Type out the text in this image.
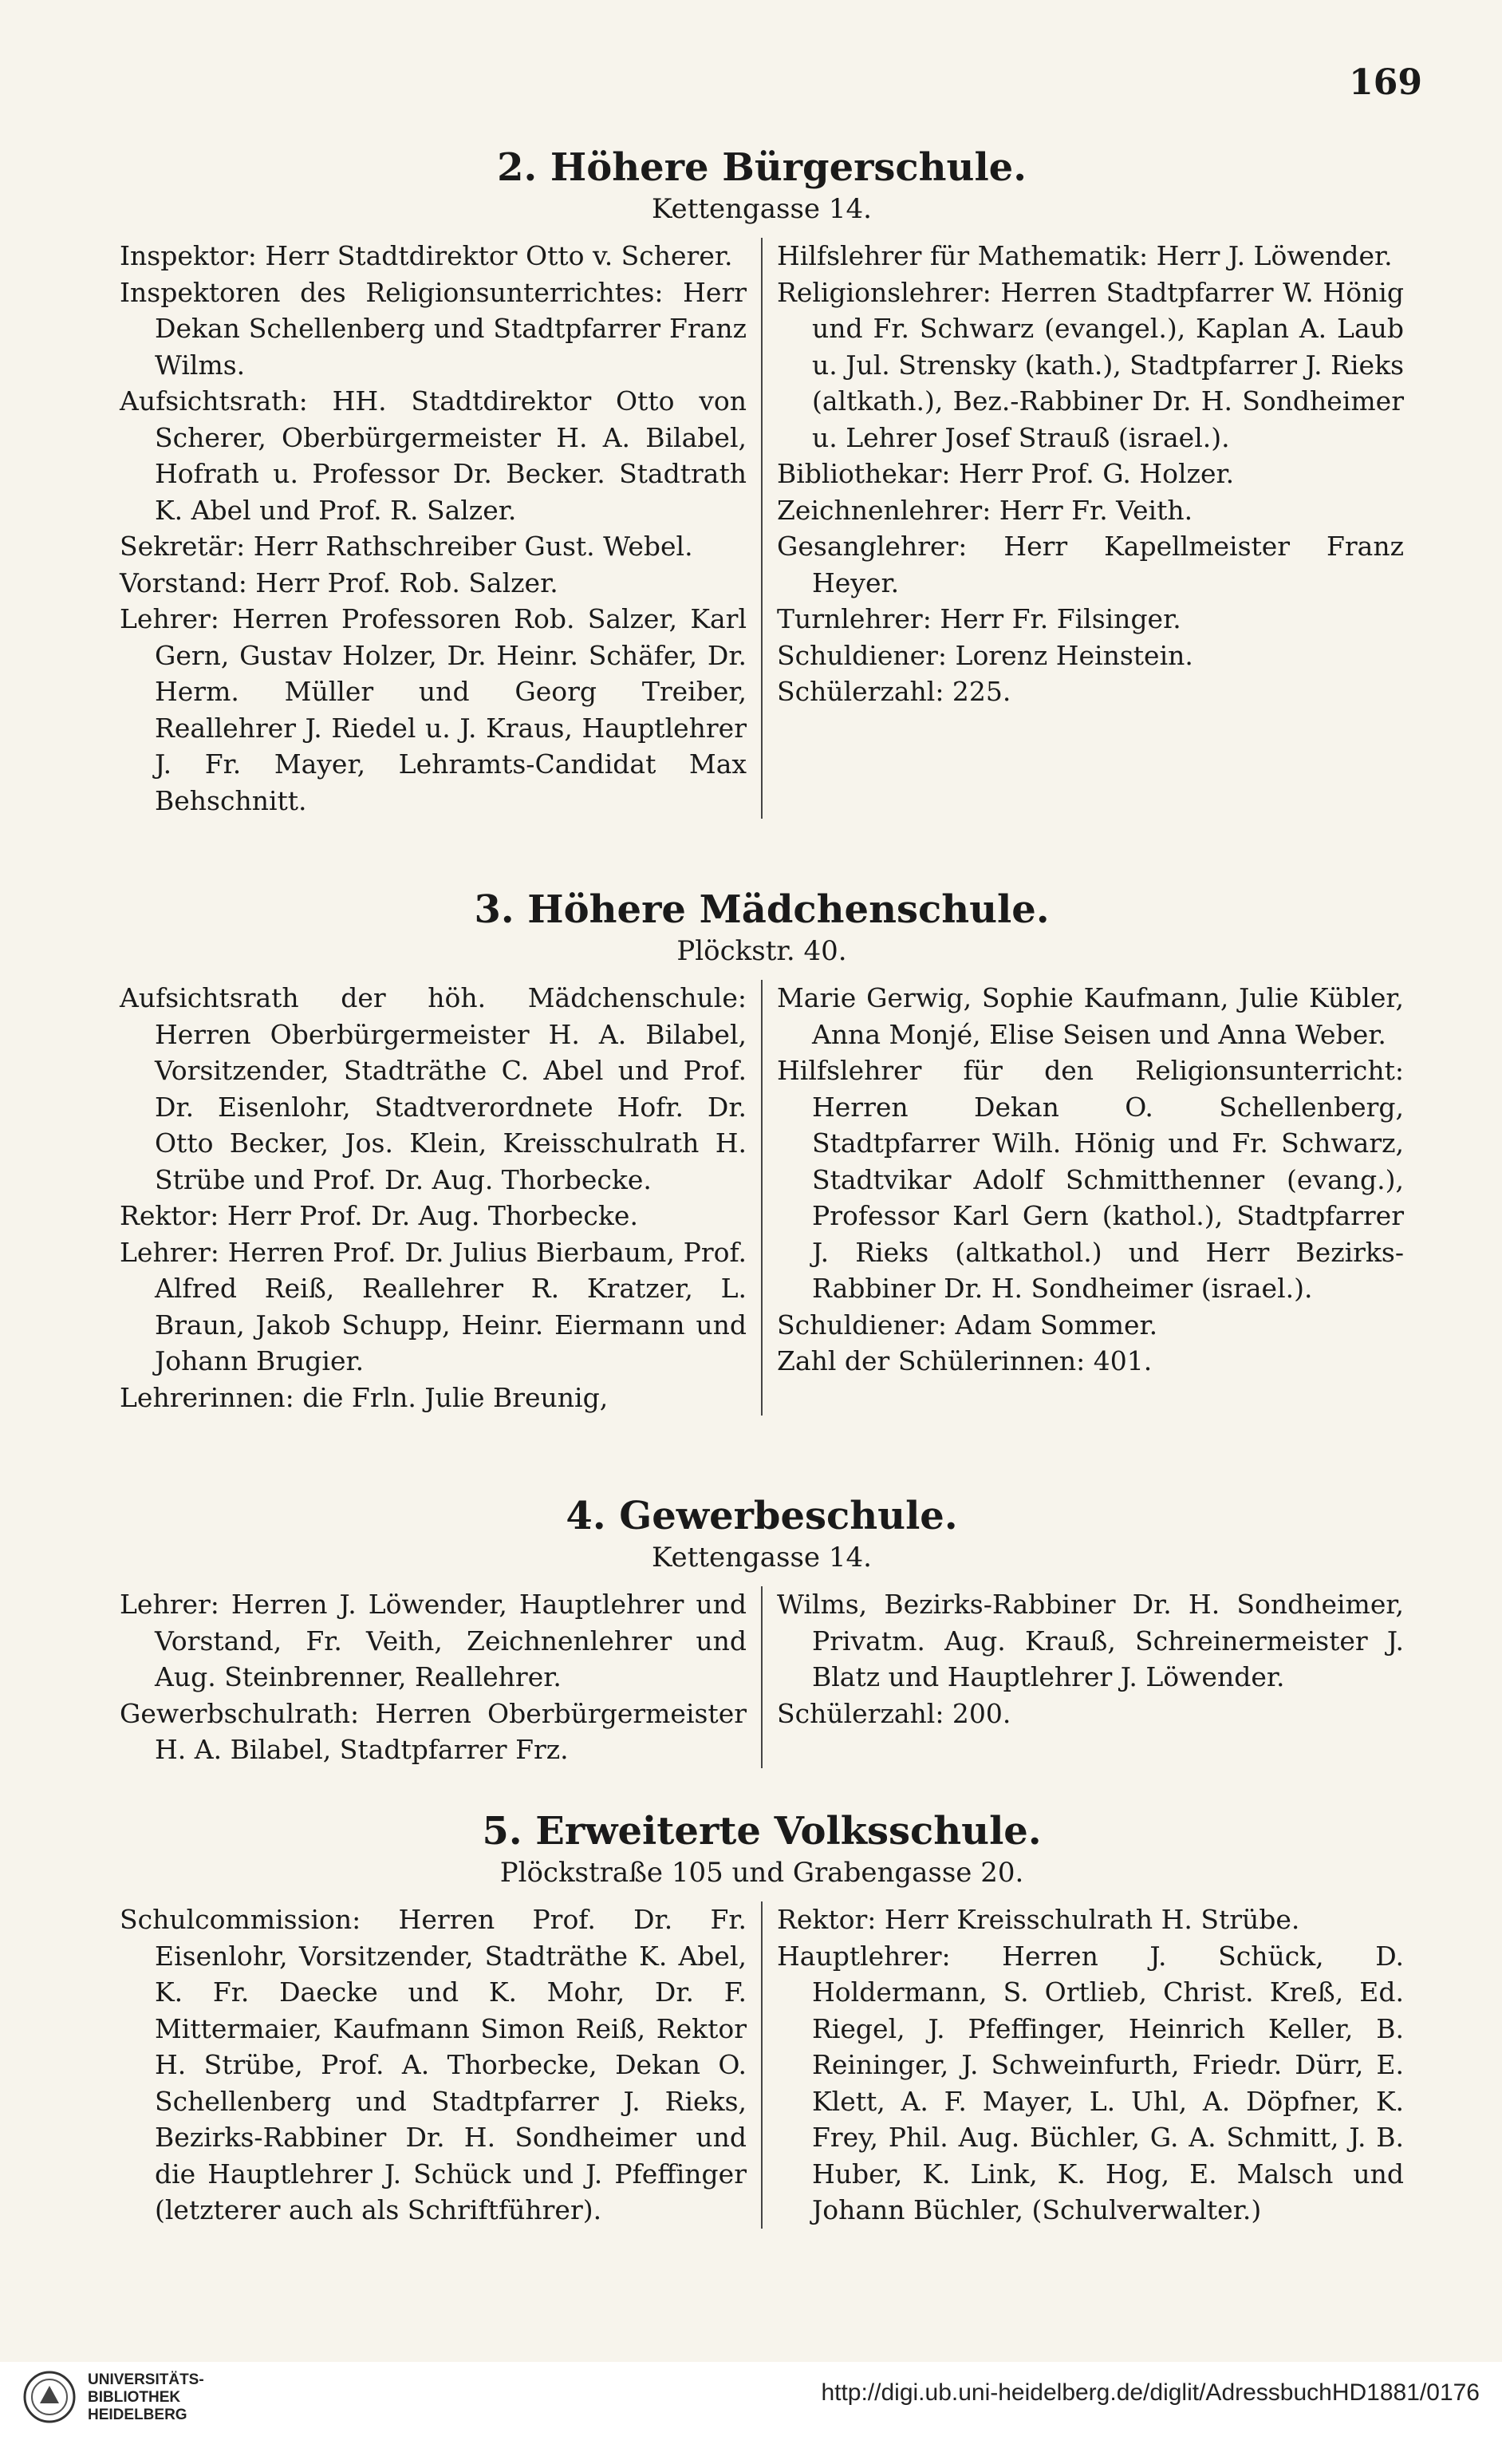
169
2. Höhere Bürgerschule.
Kettengasse 14.

Inspektor: Herr Stadtdirektor Otto v. Scherer.

Inspektoren des Religionsunterrichtes: Herr Dekan Schellenberg und Stadtpfarrer Franz Wilms.

Aufsichtsrath: HH. Stadtdirektor Otto von Scherer, Oberbürgermeister H. A. Bilabel, Hofrath u. Professor Dr. Becker. Stadtrath K. Abel und Prof. R. Salzer.

Sekretär: Herr Rathschreiber Gust. Webel.

Vorstand: Herr Prof. Rob. Salzer.

Lehrer: Herren Professoren Rob. Salzer, Karl Gern, Gustav Holzer, Dr. Heinr. Schäfer, Dr. Herm. Müller und Georg Treiber, Reallehrer J. Riedel u. J. Kraus, Hauptlehrer J. Fr. Mayer, Lehramts-Candidat Max Behschnitt.

Hilfslehrer für Mathematik: Herr J. Löwender.

Religionslehrer: Herren Stadtpfarrer W. Hönig und Fr. Schwarz (evangel.), Kaplan A. Laub u. Jul. Strensky (kath.), Stadtpfarrer J. Rieks (altkath.), Bez.-Rabbiner Dr. H. Sondheimer u. Lehrer Josef Strauß (israel.).

Bibliothekar: Herr Prof. G. Holzer.

Zeichnenlehrer: Herr Fr. Veith.

Gesanglehrer: Herr Kapellmeister Franz Heyer.

Turnlehrer: Herr Fr. Filsinger.

Schuldiener: Lorenz Heinstein.

Schülerzahl: 225.

3. Höhere Mädchenschule.
Plöckstr. 40.

Aufsichtsrath der höh. Mädchenschule: Herren Oberbürgermeister H. A. Bilabel, Vorsitzender, Stadträthe C. Abel und Prof. Dr. Eisenlohr, Stadtverordnete Hofr. Dr. Otto Becker, Jos. Klein, Kreisschulrath H. Strübe und Prof. Dr. Aug. Thorbecke.

Rektor: Herr Prof. Dr. Aug. Thorbecke.

Lehrer: Herren Prof. Dr. Julius Bierbaum, Prof. Alfred Reiß, Reallehrer R. Kratzer, L. Braun, Jakob Schupp, Heinr. Eiermann und Johann Brugier.

Lehrerinnen: die Frln. Julie Breunig,

Marie Gerwig, Sophie Kaufmann, Julie Kübler, Anna Monjé, Elise Seisen und Anna Weber.

Hilfslehrer für den Religionsunterricht: Herren Dekan O. Schellenberg, Stadtpfarrer Wilh. Hönig und Fr. Schwarz, Stadtvikar Adolf Schmitthenner (evang.), Professor Karl Gern (kathol.), Stadtpfarrer J. Rieks (altkathol.) und Herr Bezirks-Rabbiner Dr. H. Sondheimer (israel.).

Schuldiener: Adam Sommer.

Zahl der Schülerinnen: 401.

4. Gewerbeschule.
Kettengasse 14.

Lehrer: Herren J. Löwender, Hauptlehrer und Vorstand, Fr. Veith, Zeichnenlehrer und Aug. Steinbrenner, Reallehrer.

Gewerbschulrath: Herren Oberbürgermeister H. A. Bilabel, Stadtpfarrer Frz.

Wilms, Bezirks-Rabbiner Dr. H. Sondheimer, Privatm. Aug. Krauß, Schreinermeister J. Blatz und Hauptlehrer J. Löwender.

Schülerzahl: 200.

5. Erweiterte Volksschule.
Plöckstraße 105 und Grabengasse 20.

Schulcommission: Herren Prof. Dr. Fr. Eisenlohr, Vorsitzender, Stadträthe K. Abel, K. Fr. Daecke und K. Mohr, Dr. F. Mittermaier, Kaufmann Simon Reiß, Rektor H. Strübe, Prof. A. Thorbecke, Dekan O. Schellenberg und Stadtpfarrer J. Rieks, Bezirks-Rabbiner Dr. H. Sondheimer und die Hauptlehrer J. Schück und J. Pfeffinger (letzterer auch als Schriftführer).

Rektor: Herr Kreisschulrath H. Strübe.

Hauptlehrer: Herren J. Schück, D. Holdermann, S. Ortlieb, Christ. Kreß, Ed. Riegel, J. Pfeffinger, Heinrich Keller, B. Reininger, J. Schweinfurth, Friedr. Dürr, E. Klett, A. F. Mayer, L. Uhl, A. Döpfner, K. Frey, Phil. Aug. Büchler, G. A. Schmitt, J. B. Huber, K. Link, K. Hog, E. Malsch und Johann Büchler, (Schulverwalter.)

UNIVERSITÄTS-
BIBLIOTHEK
HEIDELBERG
http://digi.ub.uni-heidelberg.de/diglit/AdressbuchHD1881/0176
